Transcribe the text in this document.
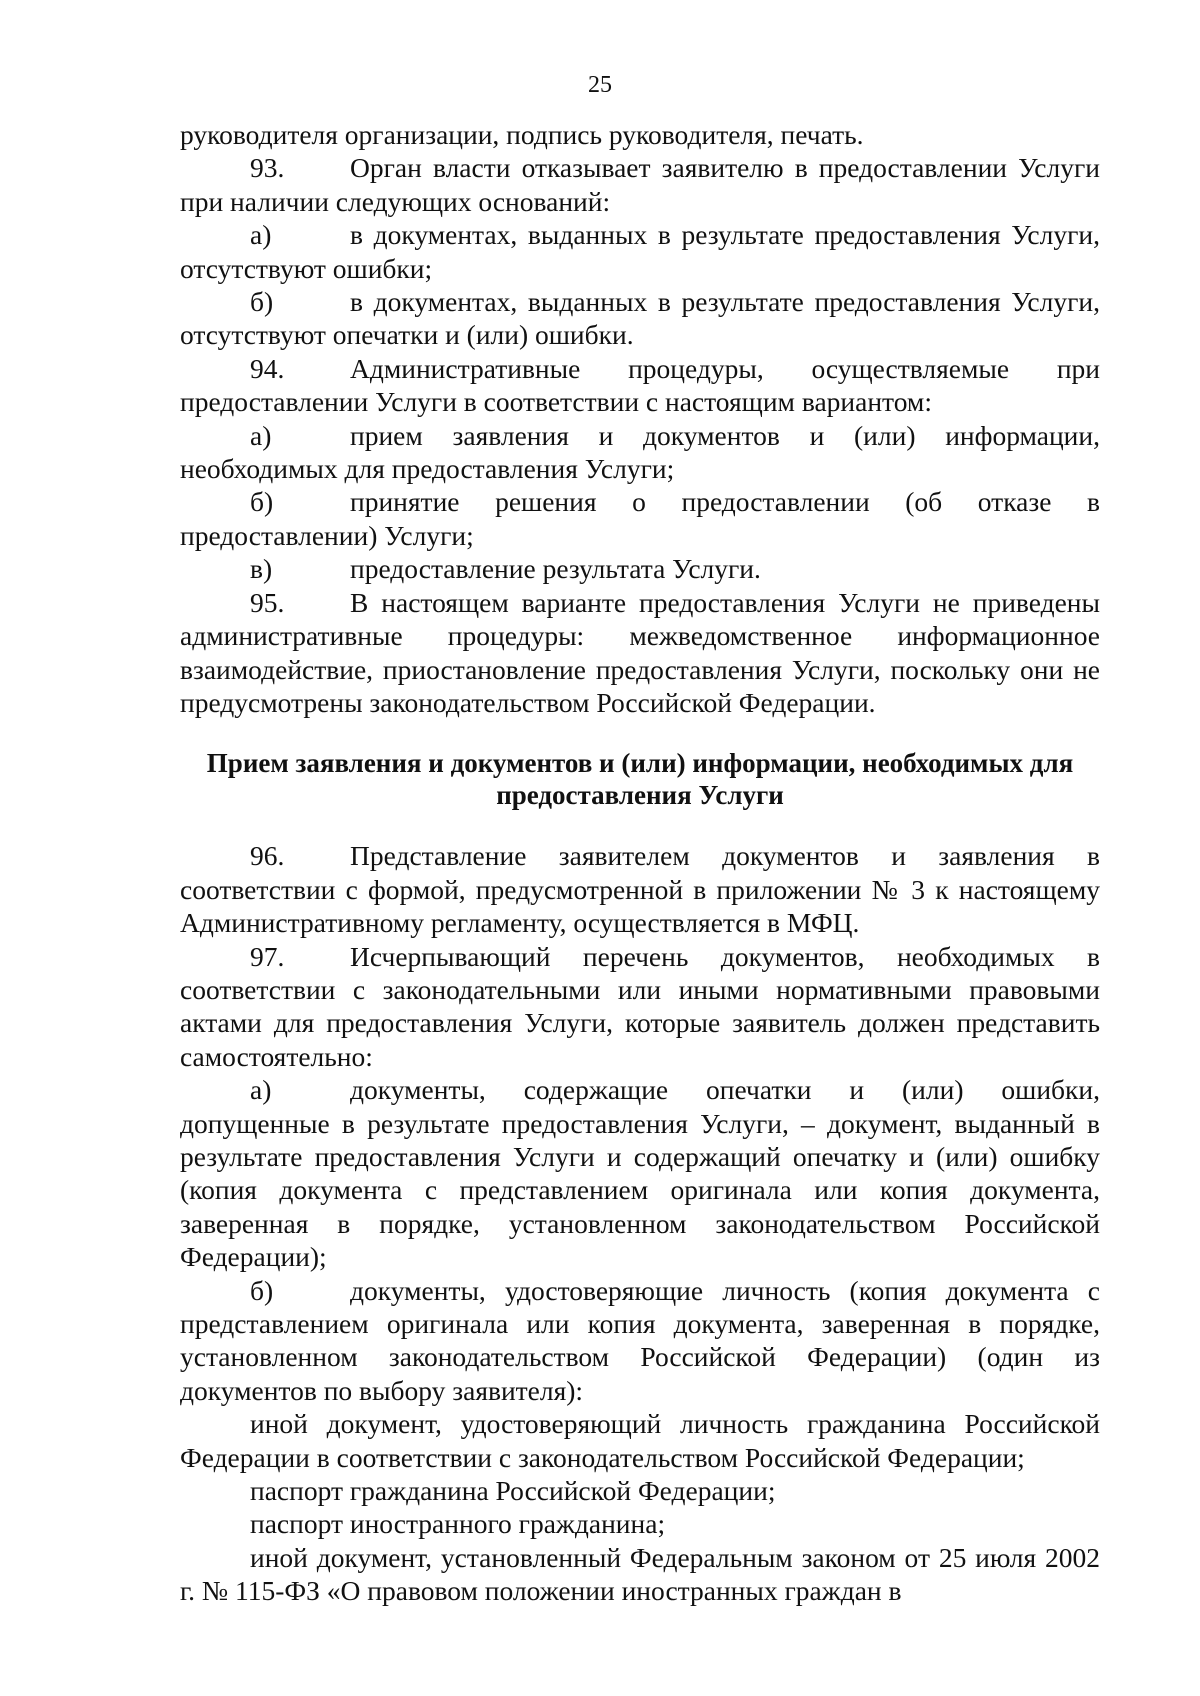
25

руководителя организации, подпись руководителя, печать.

93. Орган власти отказывает заявителю в предоставлении Услуги при наличии следующих оснований:

а)	в документах, выданных в результате предоставления Услуги, отсутствуют ошибки;

б)	в документах, выданных в результате предоставления Услуги, отсутствуют опечатки и (или) ошибки.

94. Административные процедуры, осуществляемые при предоставлении Услуги в соответствии с настоящим вариантом:

а)	прием заявления и документов и (или) информации, необходимых для предоставления Услуги;

б)	принятие решения о предоставлении (об отказе в предоставлении) Услуги;

в)	предоставление результата Услуги.

95. В настоящем варианте предоставления Услуги не приведены административные процедуры: межведомственное информационное взаимодействие, приостановление предоставления Услуги, поскольку они не предусмотрены законодательством Российской Федерации.

Прием заявления и документов и (или) информации, необходимых для предоставления Услуги

96. Представление заявителем документов и заявления в соответствии с формой, предусмотренной в приложении № 3 к настоящему Административному регламенту, осуществляется в МФЦ.

97. Исчерпывающий перечень документов, необходимых в соответствии с законодательными или иными нормативными правовыми актами для предоставления Услуги, которые заявитель должен представить самостоятельно:

а)	документы, содержащие опечатки и (или) ошибки, допущенные в результате предоставления Услуги, – документ, выданный в результате предоставления Услуги и содержащий опечатку и (или) ошибку (копия документа с представлением оригинала или копия документа, заверенная в порядке, установленном законодательством Российской Федерации);

б)	документы, удостоверяющие личность (копия документа с представлением оригинала или копия документа, заверенная в порядке, установленном законодательством Российской Федерации) (один из документов по выбору заявителя):

иной документ, удостоверяющий личность гражданина Российской Федерации в соответствии с законодательством Российской Федерации;

паспорт гражданина Российской Федерации;

паспорт иностранного гражданина;

иной документ, установленный Федеральным законом от 25 июля 2002 г. № 115-ФЗ «О правовом положении иностранных граждан в
